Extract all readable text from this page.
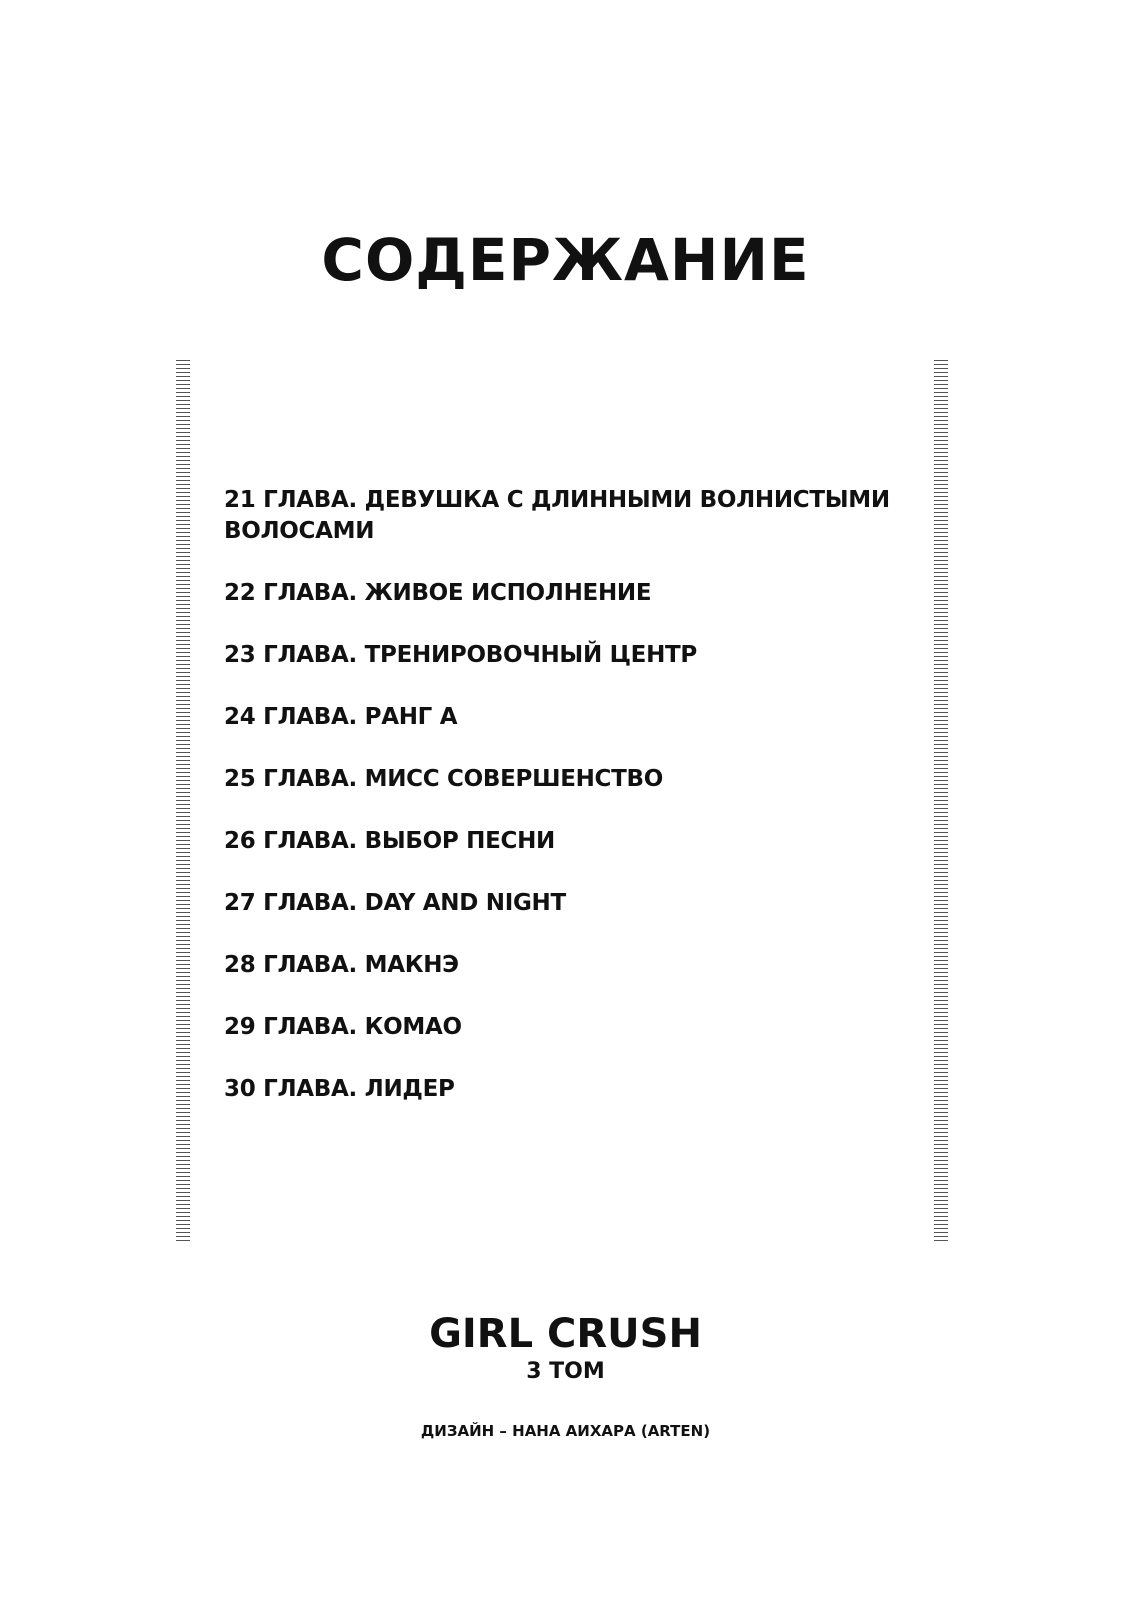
СОДЕРЖАНИЕ
21 ГЛАВА. ДЕВУШКА С ДЛИННЫМИ ВОЛНИСТЫМИ ВОЛОСАМИ
22 ГЛАВА. ЖИВОЕ ИСПОЛНЕНИЕ
23 ГЛАВА. ТРЕНИРОВОЧНЫЙ ЦЕНТР
24 ГЛАВА. РАНГ А
25 ГЛАВА. МИСС СОВЕРШЕНСТВО
26 ГЛАВА. ВЫБОР ПЕСНИ
27 ГЛАВА. DAY AND NIGHT
28 ГЛАВА. МАКНЭ
29 ГЛАВА. КОМАО
30 ГЛАВА. ЛИДЕР
GIRL CRUSH
3 ТОМ
ДИЗАЙН – НАНА АИХАРА (ARTEN)
